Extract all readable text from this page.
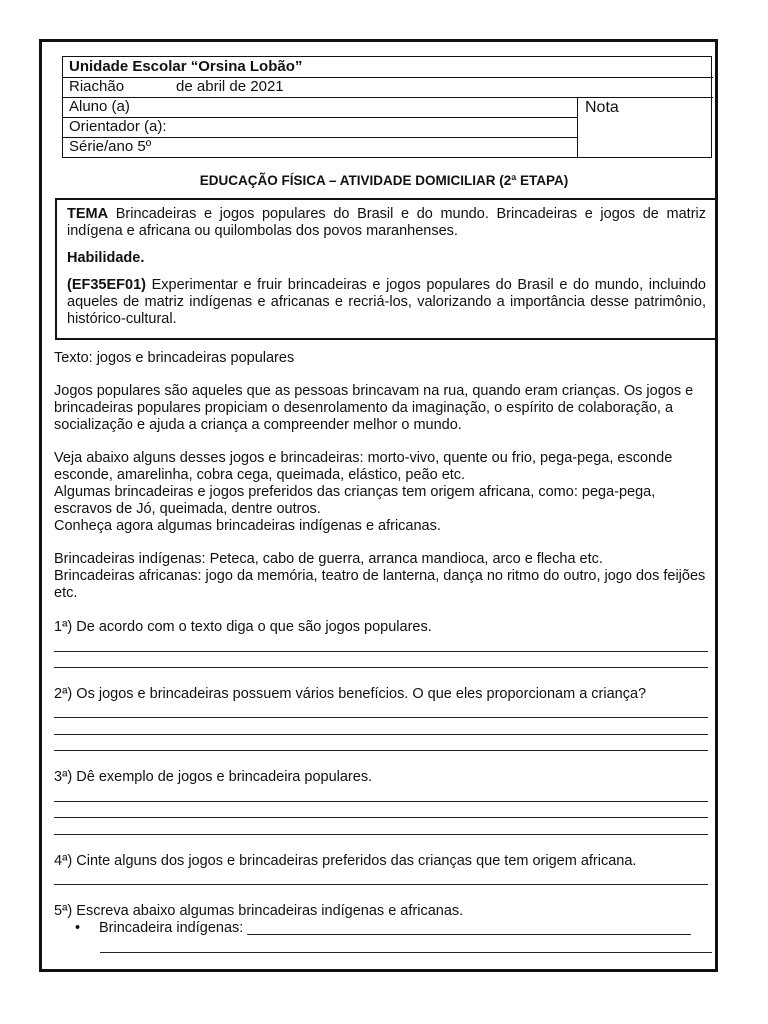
Unidade Escolar “Orsina Lobão”
Riachão	de abril de 2021
Aluno (a)
Orientador (a):
Série/ano 5º
Nota
EDUCAÇÃO FÍSICA – ATIVIDADE DOMICILIAR (2ª ETAPA)

TEMA Brincadeiras e jogos populares do Brasil e do mundo. Brincadeiras e jogos de matriz indígena e africana ou quilombolas dos povos maranhenses.

Habilidade.

(EF35EF01) Experimentar e fruir brincadeiras e jogos populares do Brasil e do mundo, incluindo aqueles de matriz indígenas e africanas e recriá-los, valorizando a importância desse patrimônio, histórico-cultural.

Texto: jogos e brincadeiras populares

Jogos populares são aqueles que as pessoas brincavam na rua, quando eram crianças. Os jogos e brincadeiras populares propiciam o desenrolamento da imaginação, o espírito de colaboração, a socialização e ajuda a criança a compreender melhor o mundo.

Veja abaixo alguns desses jogos e brincadeiras: morto-vivo, quente ou frio, pega-pega, esconde esconde, amarelinha, cobra cega, queimada, elástico, peão etc.
Algumas brincadeiras e jogos preferidos das crianças tem origem africana, como: pega-pega, escravos de Jó, queimada, dentre outros.
Conheça agora algumas brincadeiras indígenas e africanas.

Brincadeiras indígenas: Peteca, cabo de guerra, arranca mandioca, arco e flecha etc.
Brincadeiras africanas: jogo da memória, teatro de lanterna, dança no ritmo do outro, jogo dos feijões etc.

1ª) De acordo com o texto diga o que são jogos populares.
2ª) Os jogos e brincadeiras possuem vários benefícios. O que eles proporcionam a criança?
3ª) Dê exemplo de jogos e brincadeira populares.
4ª) Cinte alguns dos jogos e brincadeiras preferidos das crianças que tem origem africana.
5ª) Escreva abaixo algumas brincadeiras indígenas e africanas.
• Brincadeira indígenas: _______________________________________________________
